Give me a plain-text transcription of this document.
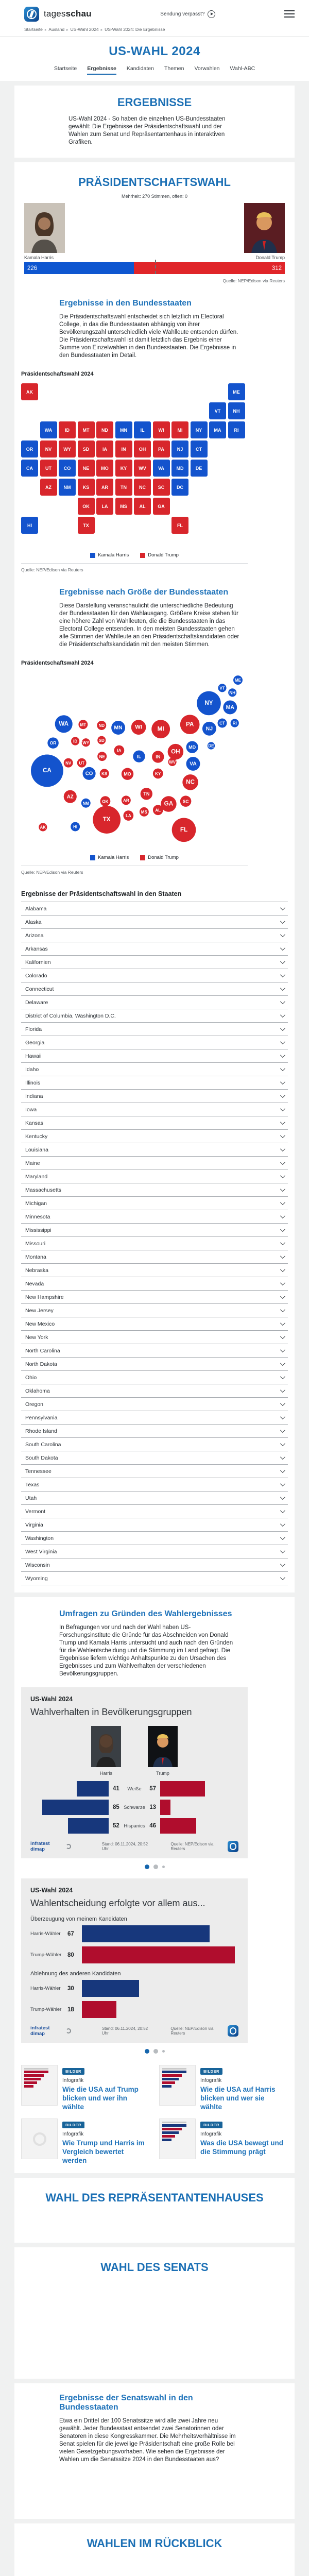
tagesschau	Sendung verpasst?
Startseite ▸ Ausland ▸ US-Wahl 2024 ▸ US-Wahl 2024: Die Ergebnisse
US-WAHL 2024
Startseite Ergebnisse Kandidaten Themen Vorwahlen Wahl-ABC
ERGEBNISSE

US-Wahl 2024 - So haben die einzelnen US-Bundesstaaten gewählt: Die Ergebnisse der Präsidentschaftswahl und der Wahlen zum Senat und Repräsentantenhaus in interaktiven Grafiken.

PRÄSIDENTSCHAFTSWAHL
Mehrheit: 270 Stimmen, offen: 0
Kamala Harris	Donald Trump
226	312
Quelle: NEP/Edison via Reuters
Ergebnisse in den Bundesstaaten

Die Präsidentschaftswahl entscheidet sich letztlich im Electoral College, in das die Bundesstaaten abhängig von ihrer Bevölkerungszahl unterschiedlich viele Wahlleute entsenden dürfen. Die Präsidentschaftswahl ist damit letztlich das Ergebnis einer Summe von Einzelwahlen in den Bundesstaaten. Die Ergebnisse in den Bundesstaaten im Detail.

Präsidentschaftswahl 2024
AK	ME
VT	NH
WA	ID	MT	ND	MN	IL	WI	MI	NY	MA	RI
OR	NV	WY	SD	IA	IN	OH	PA	NJ	CT
CA	UT	CO	NE	MO	KY	WV	VA	MD	DE
AZ	NM	KS	AR	TN	NC	SC	DC
OK	LA	MS	AL	GA
HI	TX	FL
Kamala Harris	Donald Trump
Quelle: NEP/Edison via Reuters
Ergebnisse nach Größe der Bundesstaaten

Diese Darstellung veranschaulicht die unterschiedliche Bedeutung der Bundesstaaten für den Wahlausgang. Größere Kreise stehen für eine höhere Zahl von Wahlleuten, die die Bundesstaaten in das Electoral College entsenden. In den meisten Bundesstaaten gehen alle Stimmen der Wahlleute an den Präsidentschaftskandidaten oder die Präsidentschaftskandidatin mit den meisten Stimmen.

Präsidentschaftswahl 2024
WA MT	ND MN WI MI
NY
VT
ME
NH
MA
CT RI
PA
NJ
OR	ID WY SD
IA
NE	IL	IN
OH
MD	DE
WV VA
CA
NV UT
CO KS	MO	KY
NC
AZ
NM	OK	AR
TN
SC
GA
MS AL
LA
TX
AK	HI	FL
Kamala Harris	Donald Trump
Quelle: NEP/Edison via Reuters
Ergebnisse der Präsidentschaftswahl in den Staaten
Alabama
Alaska
Arizona
Arkansas
Kalifornien
Colorado
Connecticut
Delaware
District of Columbia, Washington D.C.
Florida
Georgia
Hawaii
Idaho
Illinois
Indiana
Iowa
Kansas
Kentucky
Louisiana
Maine
Maryland
Massachusetts
Michigan
Minnesota
Mississippi
Missouri
Montana
Nebraska
Nevada
New Hampshire
New Jersey
New Mexico
New York
North Carolina
North Dakota
Ohio
Oklahoma
Oregon
Pennsylvania
Rhode Island
South Carolina
South Dakota
Tennessee
Texas
Utah
Vermont
Virginia
Washington
West Virginia
Wisconsin
Wyoming
Umfragen zu Gründen des Wahlergebnisses

In Befragungen vor und nach der Wahl haben US-Forschungsinstitute die Gründe für das Abschneiden von Donald Trump und Kamala Harris untersucht und auch nach den Gründen für die Wahlentscheidung und die Stimmung im Land gefragt. Die Ergebnisse liefern wichtige Anhaltspunkte zu den Ursachen des Ergebnisses und zum Wahlverhalten der verschiedenen Bevölkerungsgruppen.

US-Wahl 2024
Wahlverhalten in Bevölkerungsgruppen
Harris	Trump
41 Weiße 57
85 Schwarze 13
52 Hispanics 46
infratest dimap
Stand: 06.11.2024, 20:52 Uhr
Quelle: NEP/Edison via Reuters
US-Wahl 2024
Wahlentscheidung erfolgte vor allem aus...
Überzeugung von meinem Kandidaten
Harris-Wähler	67
Trump-Wähler	80
Ablehnung des anderen Kandidaten
Harris-Wähler	30
Trump-Wähler	18
infratest dimap
Stand: 06.11.2024, 20:52 Uhr
Quelle: NEP/Edison via Reuters
BILDER
Infografik
Wie die USA auf Trump blicken und wer ihn wählte
BILDER
Infografik
Wie die USA auf Harris blicken und wer sie wählte
BILDER
Infografik
Wie Trump und Harris im Vergleich bewertet werden
BILDER
Infografik
Was die USA bewegt und die Stimmung prägt
WAHL DES REPRÄSENTANTENHAUSES
WAHL DES SENATS
Ergebnisse der Senatswahl in den Bundesstaaten

Etwa ein Drittel der 100 Senatssitze wird alle zwei Jahre neu gewählt. Jeder Bundesstaat entsendet zwei Senatorinnen oder Senatoren in diese Kongresskammer. Die Mehrheitsverhältnisse im Senat spielen für die jeweilige Präsidentschaft eine große Rolle bei vielen Gesetzgebungsvorhaben. Wie sehen die Ergebnisse der Wahlen um die Senatssitze 2024 in den Bundesstaaten aus?

WAHLEN IM RÜCKBLICK
